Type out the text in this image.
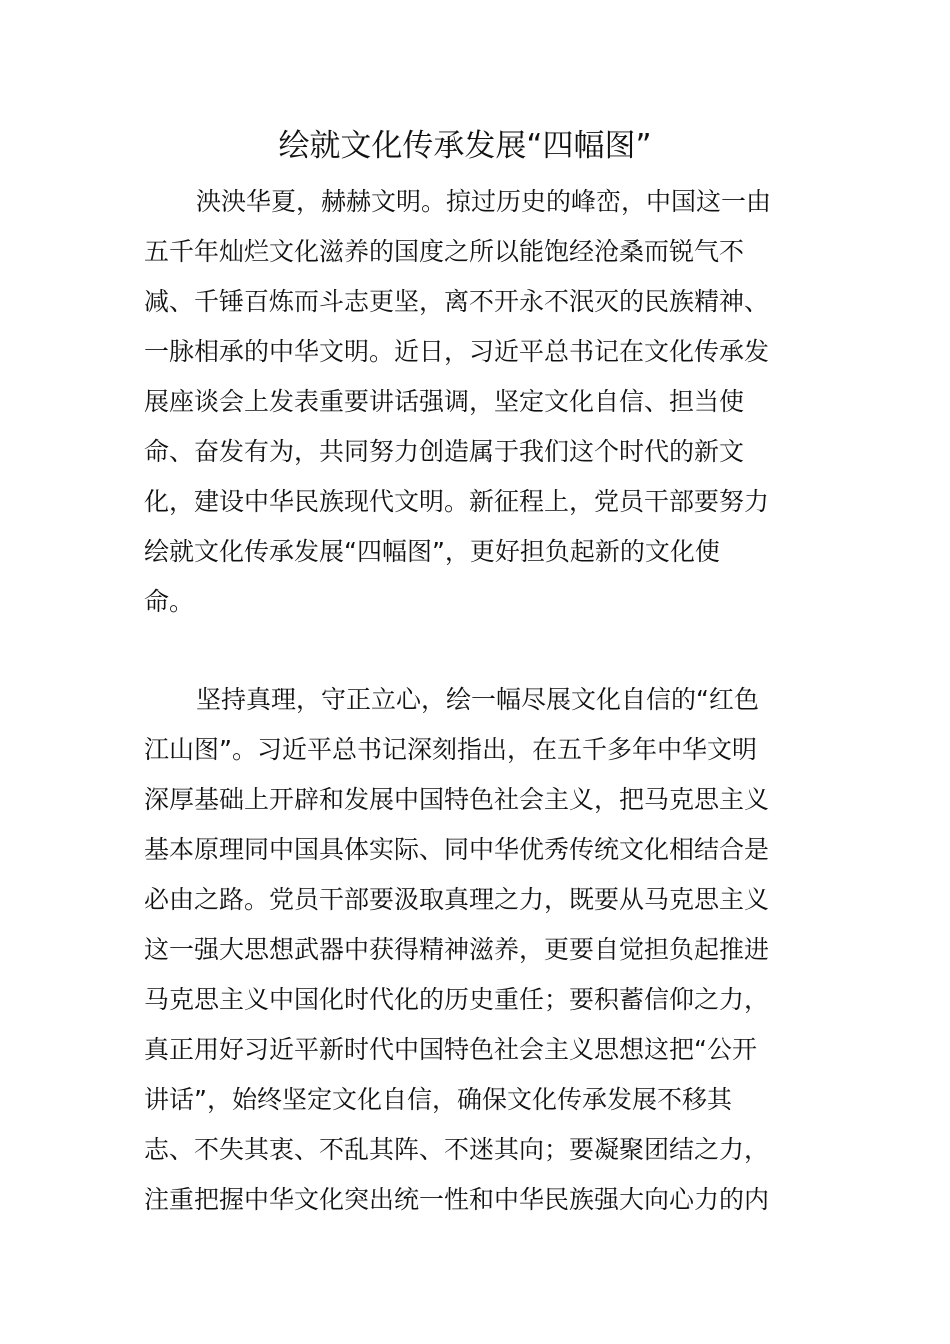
绘就文化传承发展“四幅图”
泱泱华夏，赫赫文明。掠过历史的峰峦，中国这一由
五千年灿烂文化滋养的国度之所以能饱经沧桑而锐气不
减、千锤百炼而斗志更坚，离不开永不泯灭的民族精神、
一脉相承的中华文明。近日，习近平总书记在文化传承发
展座谈会上发表重要讲话强调，坚定文化自信、担当使
命、奋发有为，共同努力创造属于我们这个时代的新文
化，建设中华民族现代文明。新征程上，党员干部要努力
绘就文化传承发展“四幅图”，更好担负起新的文化使
命。
坚持真理，守正立心，绘一幅尽展文化自信的“红色
江山图”。习近平总书记深刻指出，在五千多年中华文明
深厚基础上开辟和发展中国特色社会主义，把马克思主义
基本原理同中国具体实际、同中华优秀传统文化相结合是
必由之路。党员干部要汲取真理之力，既要从马克思主义
这一强大思想武器中获得精神滋养，更要自觉担负起推进
马克思主义中国化时代化的历史重任；要积蓄信仰之力，
真正用好习近平新时代中国特色社会主义思想这把“公开
讲话”，始终坚定文化自信，确保文化传承发展不移其
志、不失其衷、不乱其阵、不迷其向；要凝聚团结之力，
注重把握中华文化突出统一性和中华民族强大向心力的内
